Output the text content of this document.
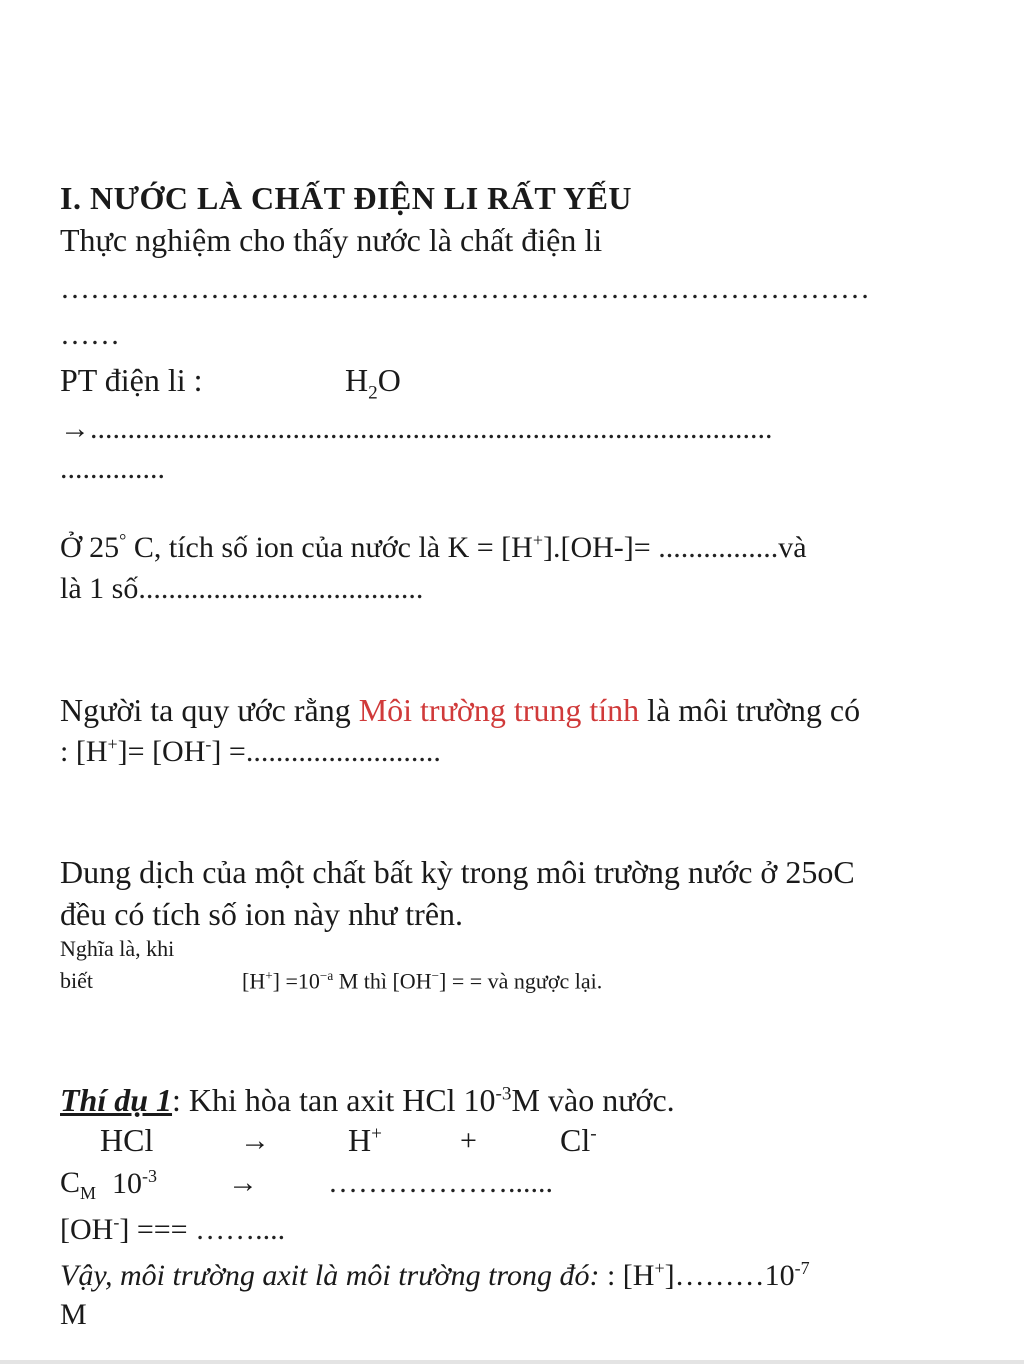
I. NƯỚC LÀ CHẤT ĐIỆN LI RẤT YẾU
Thực nghiệm cho thấy nước là chất điện li
………………………………………………………………………
……
PT điện li :	$H_2O$
→...........................................................................................
..............
Ở 25° C, tích số ion của nước là K = [H+].[OH-]= ................và
là 1 số......................................
Người ta quy ước rằng Môi trường trung tính là môi trường có
: [H+]= [OH-] =..........................
Dung dịch của một chất bất kỳ trong môi trường nước ở 25oC
đều có tích số ion này như trên.
Nghĩa là, khi
biết	$[H^+] =10^{-a}$ M thì [OH−] = = và ngược lại.
Thí dụ 1: Khi hòa tan axit HCl $10^{-3}M$ vào nước.
HCl	→ H+	+	Cl-
$C_M$ $10^{-3}$ → ………………......
[OH-] === ……....
Vậy, môi trường axit là môi trường trong đó: : $[H^+]\dots\dots\dots 10^{-7}$
M
